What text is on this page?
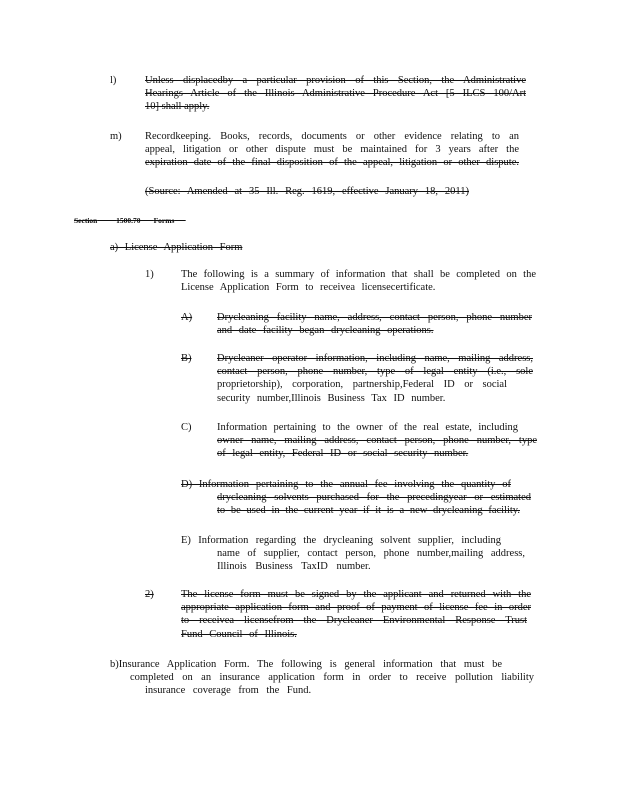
l)	Unless displacedby a particular provision of this Section, the Administrative
Hearings Article of the Illinois Administrative Procedure Act [5 ILCS 100/Art
10] shall apply.
m) Recordkeeping. Books, records, documents or other evidence relating to an
appeal, litigation or other dispute must be maintained for 3 years after the
expiration date of the final disposition of the appeal, litigation or other dispute.
(Source: Amended at 35 Ill. Reg. 1619, effective January 18, 2011)
Section	1500.70 Forms
a) License Application Form
1)	The following is a summary of information that shall be completed on the
License Application Form to receivea licensecertificate.
A) Drycleaning facility name, address, contact person, phone number
and date facility began drycleaning operations.
B) Drycleaner operator information, including name, mailing address,
contact person, phone number, type of legal entity (i.e., sole
proprietorship), corporation, partnership,Federal ID or social
security number,Illinois Business Tax ID number.
C) Information pertaining to the owner of the real estate, including
owner name, mailing address, contact person, phone number, type
of legal entity, Federal ID or social security number.
D) Information pertaining to the annual fee involving the quantity of
drycleaning solvents purchased for the precedingyear or estimated
to be used in the current year if it is a new drycleaning facility.
E) Information regarding the drycleaning solvent supplier, including
name of supplier, contact person, phone number,mailing address,
Illinois Business TaxID number.
2)	The license form must be signed by the applicant and returned with the
appropriate application form and proof of payment of license fee in order
to receivea licensefrom the Drycleaner Environmental Response Trust
Fund Council of Illinois.
b)Insurance Application Form. The following is general information that must be
completed on an insurance application form in order to receive pollution liability
insurance coverage from the Fund.
